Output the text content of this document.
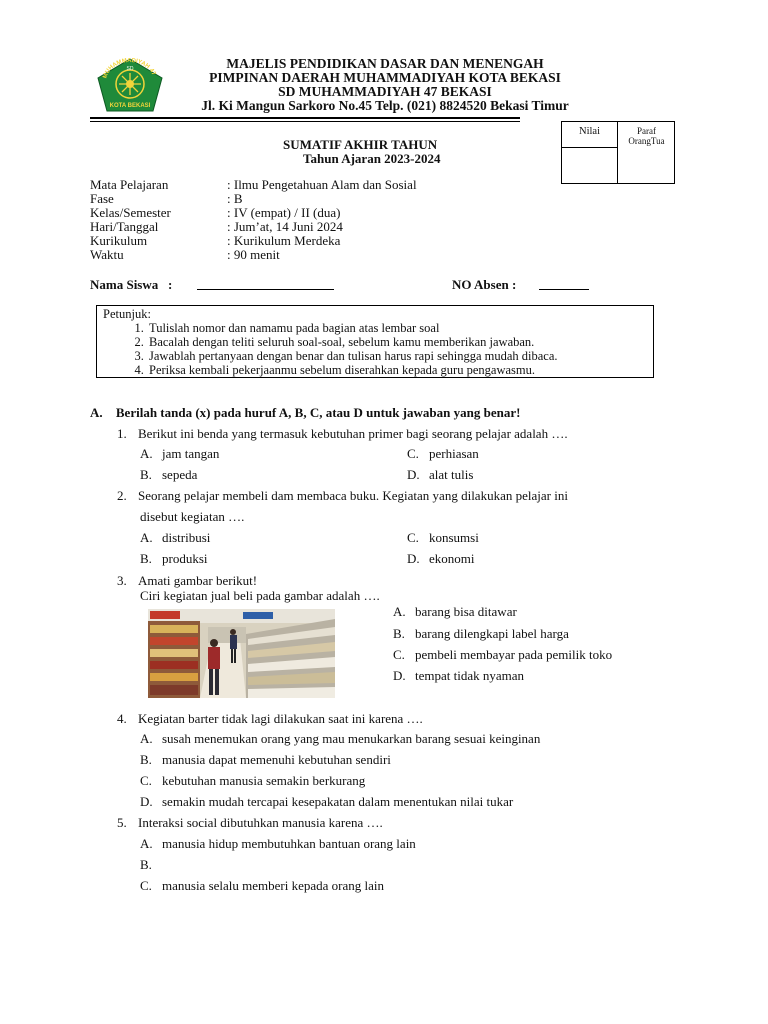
MUHAMMADIYAH 47
KOTA BEKASI
SD	MAJELIS PENDIDIKAN DASAR DAN MENENGAH
PIMPINAN DAERAH MUHAMMADIYAH KOTA BEKASI
SD MUHAMMADIYAH 47 BEKASI
Jl. Ki Mangun Sarkoro No.45 Telp. (021) 8824520 Bekasi Timur
Nilai	Paraf OrangTua
SUMATIF AKHIR TAHUN
Tahun Ajaran 2023-2024
Mata Pelajaran	: Ilmu Pengetahuan Alam dan Sosial
Fase	: B
Kelas/Semester	: IV (empat) / II (dua)
Hari/Tanggal	: Jum’at, 14 Juni 2024
Kurikulum	: Kurikulum Merdeka
Waktu	: 90 menit
Nama Siswa   :	NO Absen :
Petunjuk:
1. Tulislah nomor dan namamu pada bagian atas lembar soal
2. Bacalah dengan teliti seluruh soal-soal, sebelum kamu memberikan jawaban.
3. Jawablah pertanyaan dengan benar dan tulisan harus rapi sehingga mudah dibaca.
4. Periksa kembali pekerjaanmu sebelum diserahkan kepada guru pengawasmu.
A. Berilah tanda (x) pada huruf A, B, C, atau D untuk jawaban yang benar!
1. Berikut ini benda yang termasuk kebutuhan primer bagi seorang pelajar adalah ….
A. jam tangan	C. perhiasan
B. sepeda	D. alat tulis
2. Seorang pelajar membeli dam membaca buku. Kegiatan yang dilakukan pelajar ini
disebut kegiatan ….
A. distribusi	C. konsumsi
B. produksi	D. ekonomi
3. Amati gambar berikut!
Ciri kegiatan jual beli pada gambar adalah ….
A. barang bisa ditawar
B. barang dilengkapi label harga
C. pembeli membayar pada pemilik toko
D. tempat tidak nyaman
4. Kegiatan barter tidak lagi dilakukan saat ini karena ….
A. susah menemukan orang yang mau menukarkan barang sesuai keinginan
B. manusia dapat memenuhi kebutuhan sendiri
C. kebutuhan manusia semakin berkurang
D. semakin mudah tercapai kesepakatan dalam menentukan nilai tukar
5. Interaksi social dibutuhkan manusia karena ….
A. manusia hidup membutuhkan bantuan orang lain
B.
C. manusia selalu memberi kepada orang lain
